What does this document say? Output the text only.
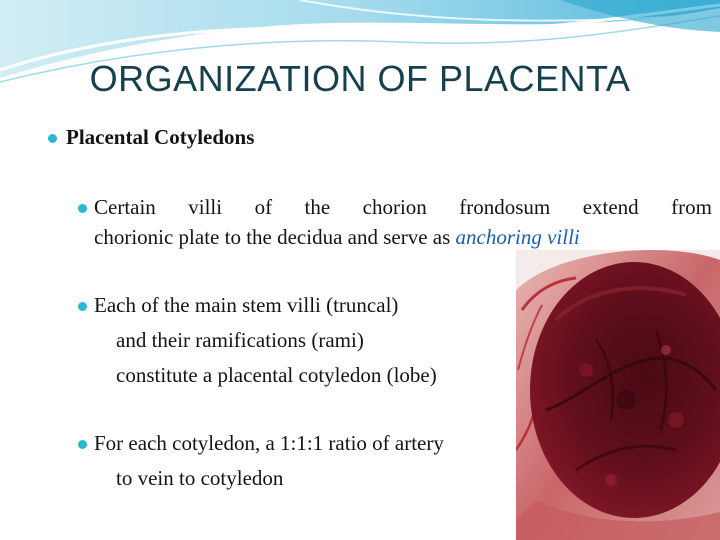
ORGANIZATION OF PLACENTA
Placental Cotyledons
Certain villi of the chorion frondosum extend from
chorionic plate to the decidua and serve as anchoring villi
Each of the main stem villi (truncal)
and their ramifications (rami)
constitute a placental cotyledon (lobe)
For each cotyledon, a 1:1:1 ratio of artery
to vein to cotyledon
